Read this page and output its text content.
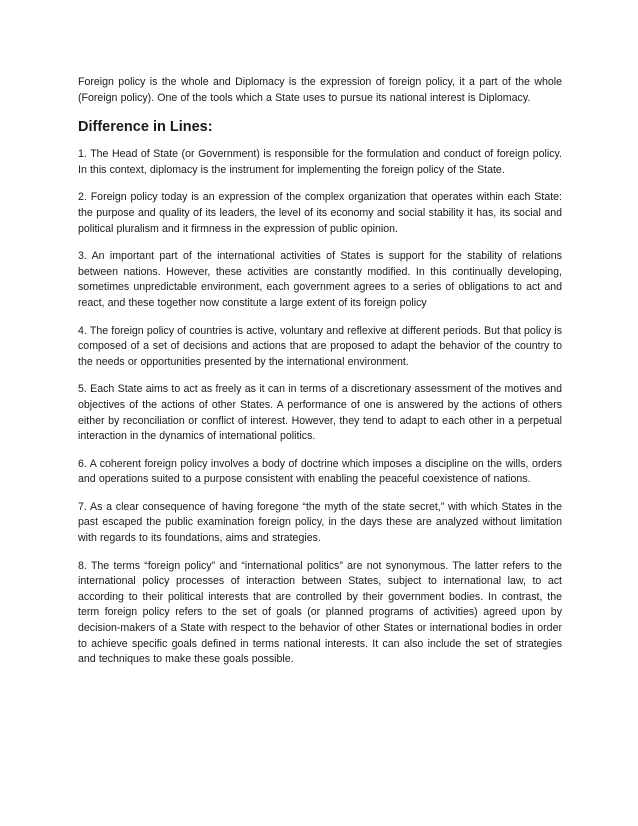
Foreign policy is the whole and Diplomacy is the expression of foreign policy, it a part of the whole (Foreign policy). One of the tools which a State uses to pursue its national interest is Diplomacy.

Difference in Lines:

1. The Head of State (or Government) is responsible for the formulation and conduct of foreign policy. In this context, diplomacy is the instrument for implementing the foreign policy of the State.

2. Foreign policy today is an expression of the complex organization that operates within each State: the purpose and quality of its leaders, the level of its economy and social stability it has, its social and political pluralism and it firmness in the expression of public opinion.

3. An important part of the international activities of States is support for the stability of relations between nations. However, these activities are constantly modified. In this continually developing, sometimes unpredictable environment, each government agrees to a series of obligations to act and react, and these together now constitute a large extent of its foreign policy

4. The foreign policy of countries is active, voluntary and reflexive at different periods. But that policy is composed of a set of decisions and actions that are proposed to adapt the behavior of the country to the needs or opportunities presented by the international environment.

5. Each State aims to act as freely as it can in terms of a discretionary assessment of the motives and objectives of the actions of other States. A performance of one is answered by the actions of others either by reconciliation or conflict of interest. However, they tend to adapt to each other in a perpetual interaction in the dynamics of international politics.

6. A coherent foreign policy involves a body of doctrine which imposes a discipline on the wills, orders and operations suited to a purpose consistent with enabling the peaceful coexistence of nations.

7. As a clear consequence of having foregone “the myth of the state secret,” with which States in the past escaped the public examination foreign policy, in the days these are analyzed without limitation with regards to its foundations, aims and strategies.

8. The terms “foreign policy” and “international politics” are not synonymous. The latter refers to the international policy processes of interaction between States, subject to international law, to act according to their political interests that are controlled by their government bodies. In contrast, the term foreign policy refers to the set of goals (or planned programs of activities) agreed upon by decision-makers of a State with respect to the behavior of other States or international bodies in order to achieve specific goals defined in terms national interests. It can also include the set of strategies and techniques to make these goals possible.
